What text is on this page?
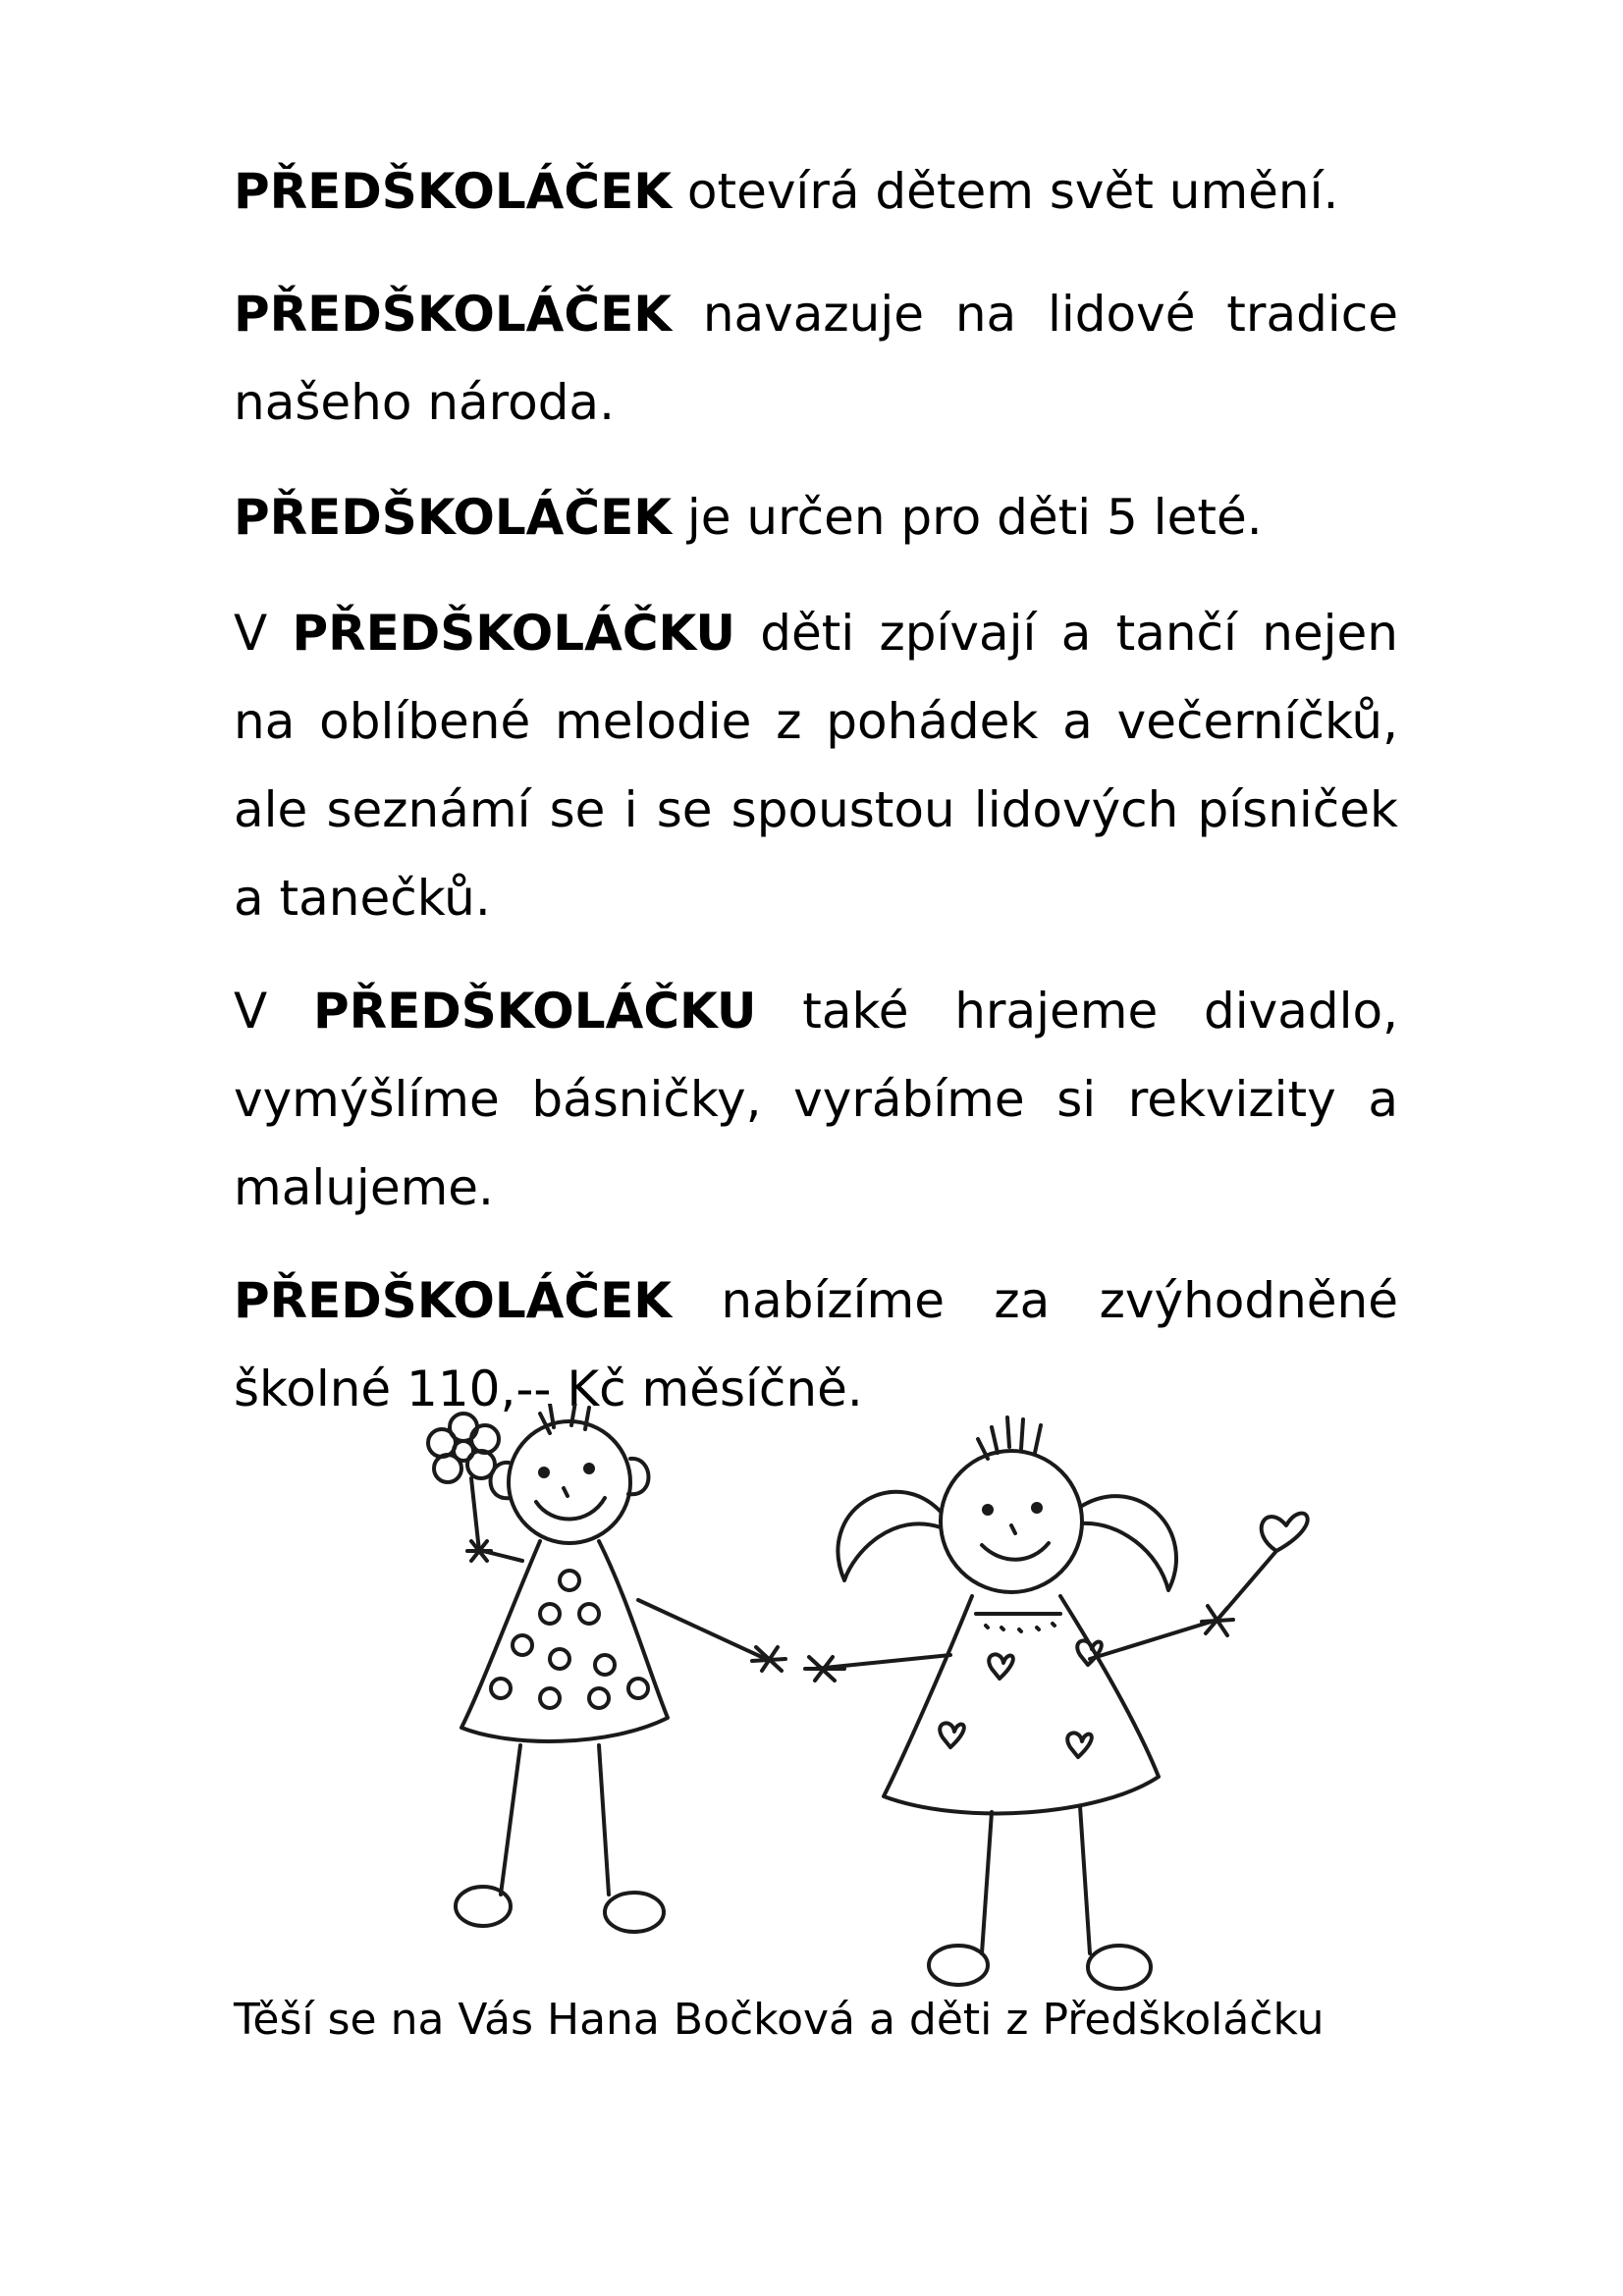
PŘEDŠKOLÁČEK otevírá dětem svět umění.

PŘEDŠKOLÁČEK navazuje na lidové tradice našeho národa.

PŘEDŠKOLÁČEK je určen pro děti 5 leté.

V PŘEDŠKOLÁČKU děti zpívají a tančí nejen na oblíbené melodie z pohádek a večerníčků, ale seznámí se i se spoustou lidových písniček a tanečků.

V PŘEDŠKOLÁČKU také hrajeme divadlo, vymýšlíme básničky, vyrábíme si rekvizity a malujeme.

PŘEDŠKOLÁČEK nabízíme za zvýhodněné školné 110,-- Kč měsíčně.

Těší se na Vás Hana Bočková a děti z Předškoláčku
